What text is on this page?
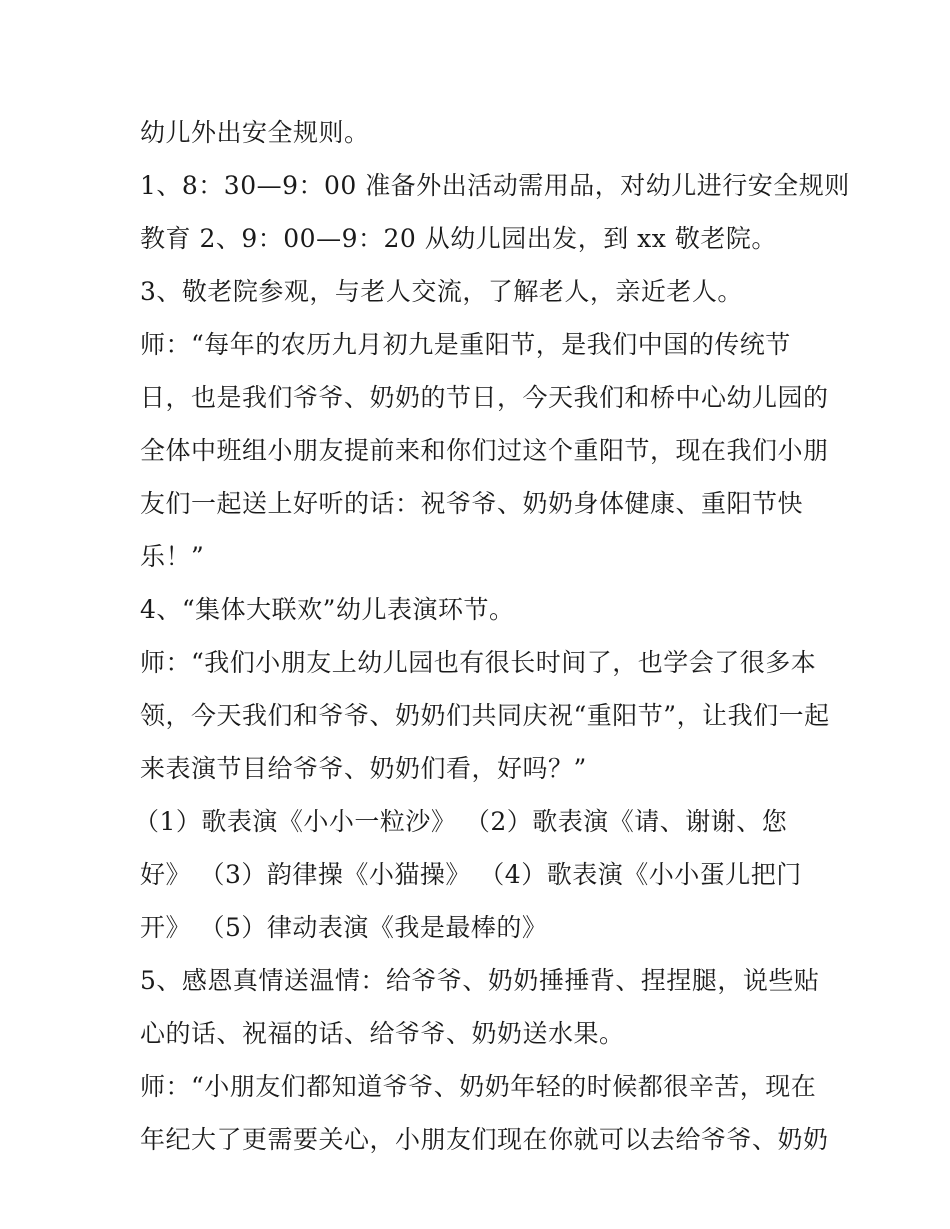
幼儿外出安全规则。
1、8：30—9：00 准备外出活动需用品，对幼儿进行安全规则
教育 2、9：00—9：20 从幼儿园出发，到 xx 敬老院。
3、敬老院参观，与老人交流，了解老人，亲近老人。
师：“每年的农历九月初九是重阳节，是我们中国的传统节
日，也是我们爷爷、奶奶的节日，今天我们和桥中心幼儿园的
全体中班组小朋友提前来和你们过这个重阳节，现在我们小朋
友们一起送上好听的话：祝爷爷、奶奶身体健康、重阳节快
乐！”
4、“集体大联欢”幼儿表演环节。
师：“我们小朋友上幼儿园也有很长时间了，也学会了很多本
领，今天我们和爷爷、奶奶们共同庆祝“重阳节”，让我们一起
来表演节目给爷爷、奶奶们看，好吗？”
（1）歌表演《小小一粒沙》 （2）歌表演《请、谢谢、您
好》 （3）韵律操《小猫操》 （4）歌表演《小小蛋儿把门
开》 （5）律动表演《我是最棒的》
5、感恩真情送温情：给爷爷、奶奶捶捶背、捏捏腿，说些贴
心的话、祝福的话、给爷爷、奶奶送水果。
师：“小朋友们都知道爷爷、奶奶年轻的时候都很辛苦，现在
年纪大了更需要关心，小朋友们现在你就可以去给爷爷、奶奶
